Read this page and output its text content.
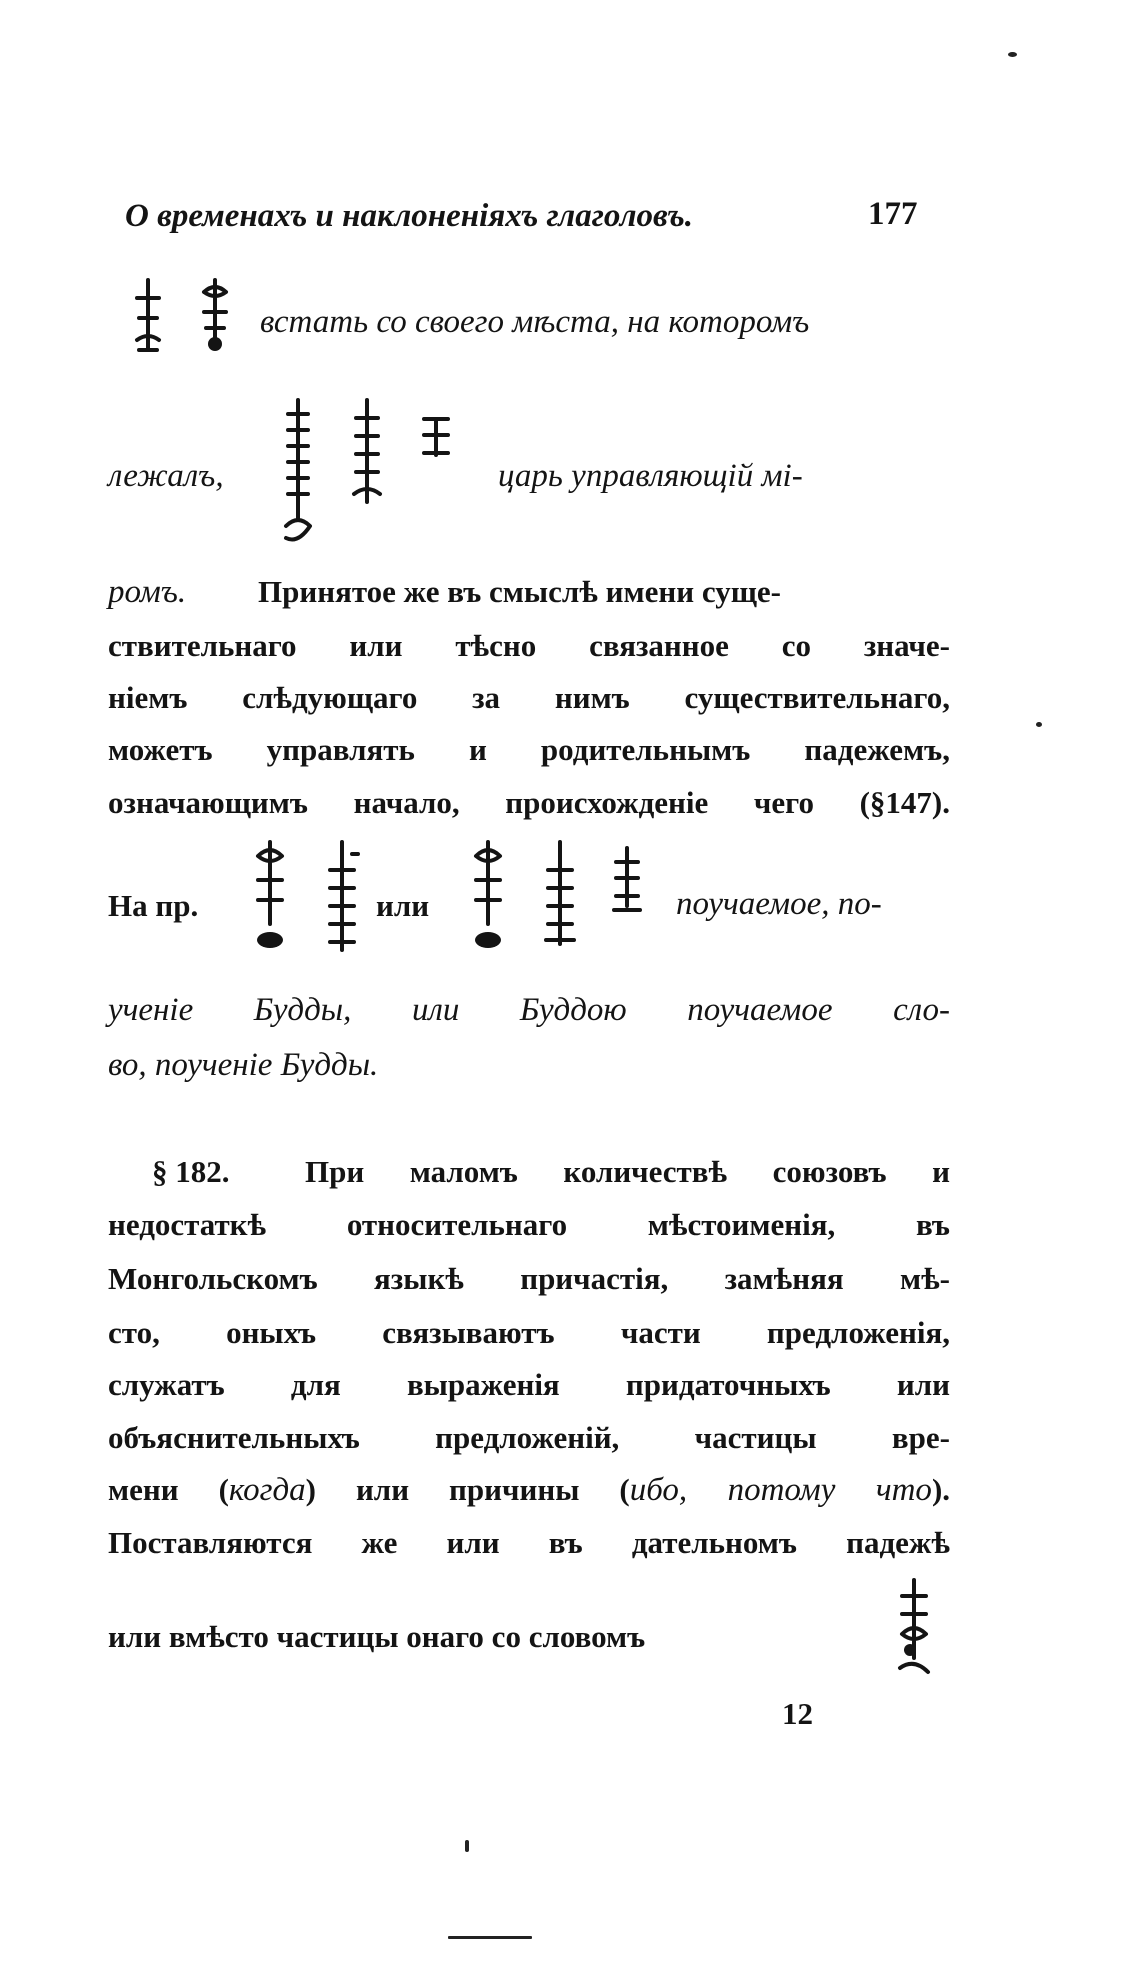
О временахъ и наклоненіяхъ глаголовъ.	177
встать со своего мѣста, на которомъ
лежалъ,	царь управляющій мі-
ромъ. Принятое же въ смыслѣ имени суще-
ствительнаго или тѣсно связанное со значе-
ніемъ слѣдующаго за нимъ существительнаго,
можетъ управлять и родительнымъ падежемъ,
означающимъ начало, происхожденіе чего (§147).
На пр.	или	поучаемое, по-
ученіе Будды, или Буддою поучаемое сло-
во, поученіе Будды.
§ 182. При маломъ количествѣ союзовъ и
недостаткѣ относительнаго мѣстоименія, въ
Монгольскомъ языкѣ причастія, замѣняя мѣ-
сто, оныхъ связываютъ части предложенія,
служатъ для выраженія придаточныхъ или
объяснительныхъ предложеній, частицы вре-
мени (когда) или причины (ибо, потому что).
Поставляются же или въ дательномъ падежѣ
или вмѣсто частицы онаго со словомъ
12
